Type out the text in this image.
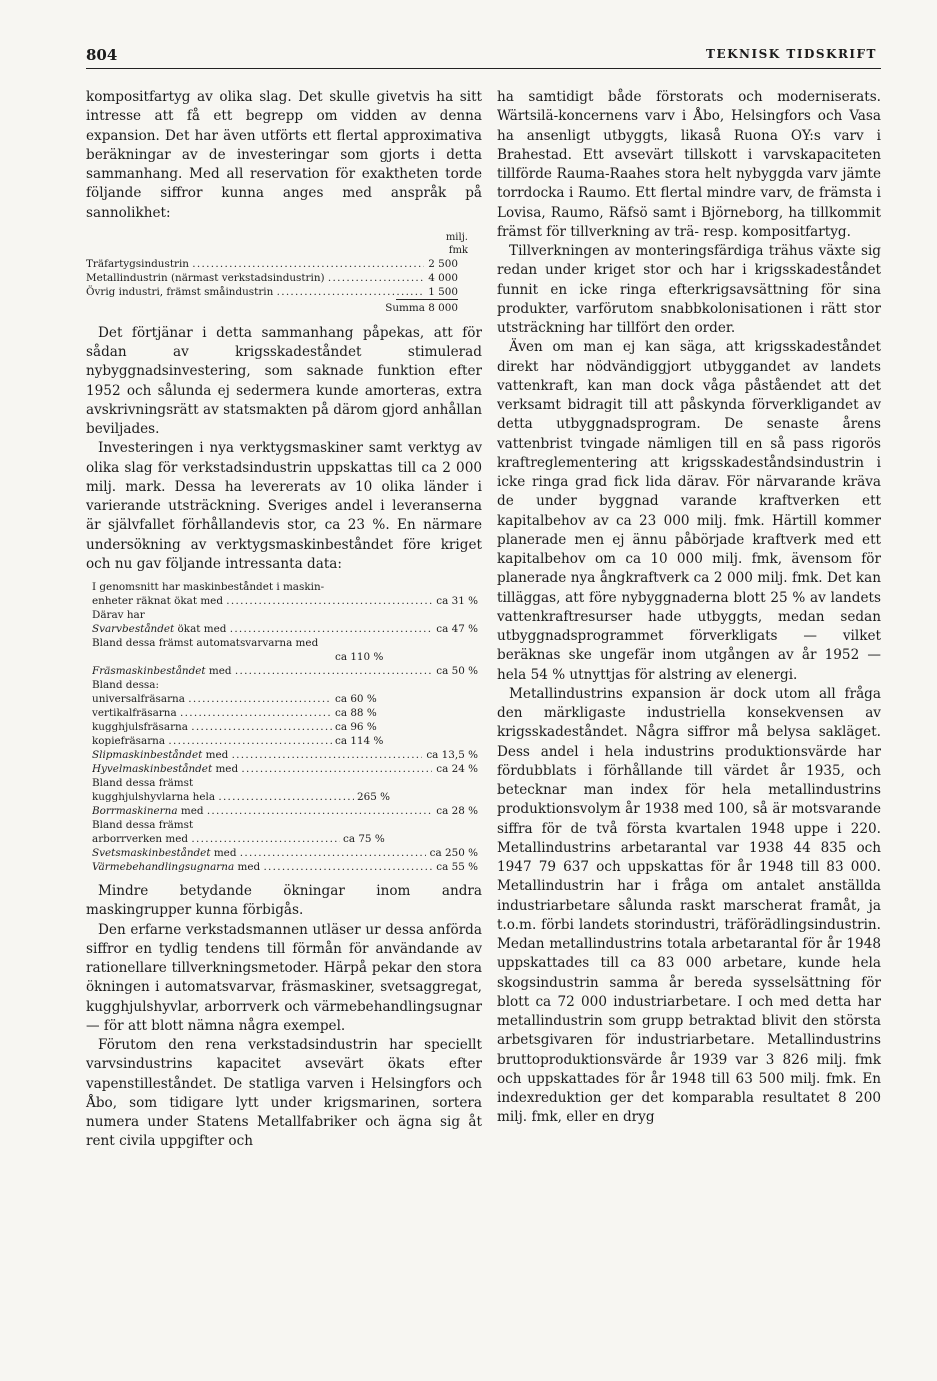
804	TEKNISK TIDSKRIFT

kompositfartyg av olika slag. Det skulle givetvis ha sitt intresse att få ett begrepp om vidden av denna expansion. Det har även utförts ett flertal approximativa beräkningar av de investeringar som gjorts i detta sammanhang. Med all reservation för exaktheten torde följande siffror kunna anges med anspråk på sannolikhet:

milj.
fmk
Träfartygsindustrin . . .	2 500
Metallindustrin (närmast verkstadsindustrin) . . .	4 000
Övrig industri, främst småindustrin . . .	1 500
Summa 8 000

Det förtjänar i detta sammanhang påpekas, att för sådan av krigsskadeståndet stimulerad nybyggnadsinvestering, som saknade funktion efter 1952 och sålunda ej sedermera kunde amorteras, extra avskrivningsrätt av statsmakten på därom gjord anhållan beviljades.

Investeringen i nya verktygsmaskiner samt verktyg av olika slag för verkstadsindustrin uppskattas till ca 2 000 milj. mark. Dessa ha levererats av 10 olika länder i varierande utsträckning. Sveriges andel i leveranserna är självfallet förhållandevis stor, ca 23 %. En närmare undersökning av verktygsmaskinbeståndet före kriget och nu gav följande intressanta data:

I genomsnitt har maskinbeståndet i maskin-
enheter räknat ökat med . . .	ca 31 %
Därav har
Svarvbeståndet ökat med . . .	ca 47 %
Bland dessa främst automatsvarvarna med
ca 110 %
Fräsmaskinbeståndet med . . .	ca 50 %
Bland dessa:
universalfräsarna . . .	ca 60 %
vertikalfräsarna . . .	ca 88 %
kugghjulsfräsarna . . .	ca 96 %
kopiefräsarna . . .	ca 114 %
Slipmaskinbeståndet med . . .	ca 13,5 %
Hyvelmaskinbeståndet med . . .	ca 24 %
Bland dessa främst
kugghjulshyvlarna hela . . .	265 %
Borrmaskinerna med . . .	ca 28 %
Bland dessa främst
arborrverken med . . .	ca 75 %
Svetsmaskinbeståndet med . . .	ca 250 %
Värmebehandlingsugnarna med . . .	ca 55 %

Mindre betydande ökningar inom andra maskingrupper kunna förbigås.

Den erfarne verkstadsmannen utläser ur dessa anförda siffror en tydlig tendens till förmån för användande av rationellare tillverkningsmetoder. Härpå pekar den stora ökningen i automatsvarvar, fräsmaskiner, svetsaggregat, kugghjulshyvlar, arborrverk och värmebehandlingsugnar — för att blott nämna några exempel.

Förutom den rena verkstadsindustrin har speciellt varvsindustrins kapacitet avsevärt ökats efter vapenstilleståndet. De statliga varven i Helsingfors och Åbo, som tidigare lytt under krigsmarinen, sortera numera under Statens Metallfabriker och ägna sig åt rent civila uppgifter och

ha samtidigt både förstorats och moderniserats. Wärtsilä-koncernens varv i Åbo, Helsingfors och Vasa ha ansenligt utbyggts, likaså Ruona OY:s varv i Brahestad. Ett avsevärt tillskott i varvskapaciteten tillförde Rauma-Raahes stora helt nybyggda varv jämte torrdocka i Raumo. Ett flertal mindre varv, de främsta i Lovisa, Raumo, Räfsö samt i Björneborg, ha tillkommit främst för tillverkning av trä- resp. kompositfartyg.

Tillverkningen av monteringsfärdiga trähus växte sig redan under kriget stor och har i krigsskadeståndet funnit en icke ringa efterkrigsavsättning för sina produkter, varförutom snabbkolonisationen i rätt stor utsträckning har tillfört den order.

Även om man ej kan säga, att krigsskadeståndet direkt har nödvändiggjort utbyggandet av landets vattenkraft, kan man dock våga påståendet att det verksamt bidragit till att påskynda förverkligandet av detta utbyggnadsprogram. De senaste årens vattenbrist tvingade nämligen till en så pass rigorös kraftreglementering att krigsskadeståndsindustrin i icke ringa grad fick lida därav. För närvarande kräva de under byggnad varande kraftverken ett kapitalbehov av ca 23 000 milj. fmk. Härtill kommer planerade men ej ännu påbörjade kraftverk med ett kapitalbehov om ca 10 000 milj. fmk, ävensom för planerade nya ångkraftverk ca 2 000 milj. fmk. Det kan tilläggas, att före nybyggnaderna blott 25 % av landets vattenkraftresurser hade utbyggts, medan sedan utbyggnadsprogrammet förverkligats — vilket beräknas ske ungefär inom utgången av år 1952 — hela 54 % utnyttjas för alstring av elenergi.

Metallindustrins expansion är dock utom all fråga den märkligaste industriella konsekvensen av krigsskadeståndet. Några siffror må belysa sakläget. Dess andel i hela industrins produktionsvärde har fördubblats i förhållande till värdet år 1935, och betecknar man index för hela metallindustrins produktionsvolym år 1938 med 100, så är motsvarande siffra för de två första kvartalen 1948 uppe i 220. Metallindustrins arbetarantal var 1938 44 835 och 1947 79 637 och uppskattas för år 1948 till 83 000. Metallindustrin har i fråga om antalet anställda industriarbetare sålunda raskt marscherat framåt, ja t.o.m. förbi landets storindustri, träförädlingsindustrin. Medan metallindustrins totala arbetarantal för år 1948 uppskattades till ca 83 000 arbetare, kunde hela skogsindustrin samma år bereda sysselsättning för blott ca 72 000 industriarbetare. I och med detta har metallindustrin som grupp betraktad blivit den största arbetsgivaren för industriarbetare. Metallindustrins bruttoproduktionsvärde år 1939 var 3 826 milj. fmk och uppskattades för år 1948 till 63 500 milj. fmk. En indexreduktion ger det komparabla resultatet 8 200 milj. fmk, eller en dryg
